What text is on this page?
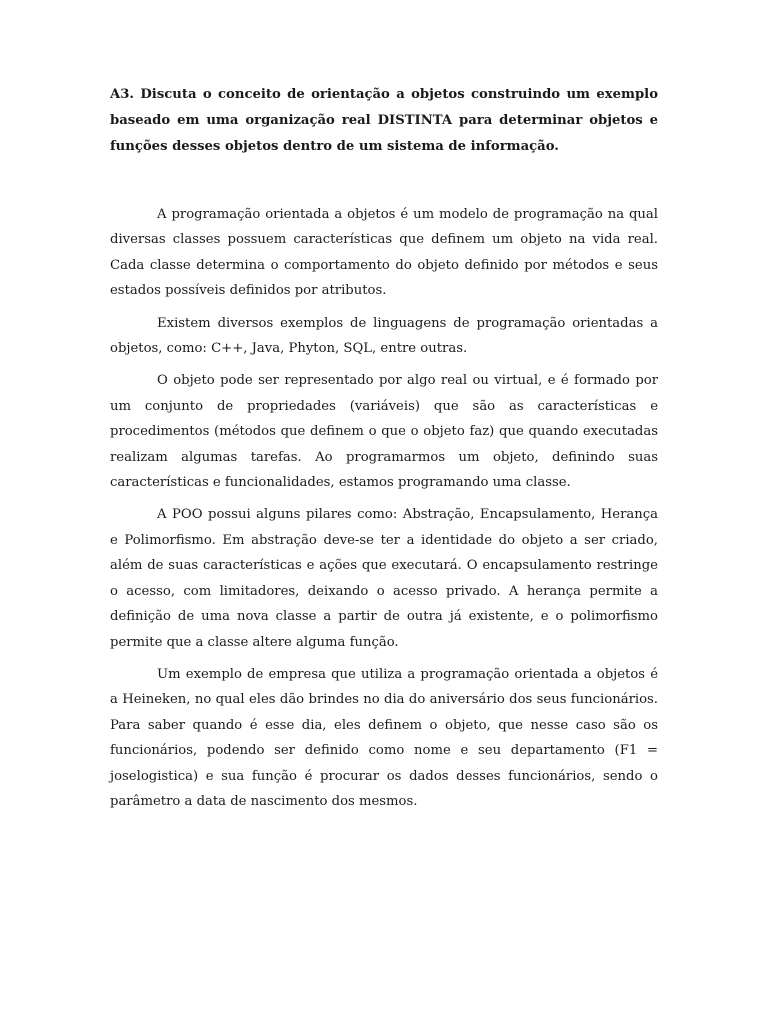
A3. Discuta o conceito de orientação a objetos construindo um exemplo baseado em uma organização real DISTINTA para determinar objetos e funções desses objetos dentro de um sistema de informação.

A programação orientada a objetos é um modelo de programação na qual diversas classes possuem características que definem um objeto na vida real. Cada classe determina o comportamento do objeto definido por métodos e seus estados possíveis definidos por atributos.

Existem diversos exemplos de linguagens de programação orientadas a objetos, como: C++, Java, Phyton, SQL, entre outras.

O objeto pode ser representado por algo real ou virtual, e é formado por um conjunto de propriedades (variáveis) que são as características e procedimentos (métodos que definem o que o objeto faz) que quando executadas realizam algumas tarefas. Ao programarmos um objeto, definindo suas características e funcionalidades, estamos programando uma classe.

A POO possui alguns pilares como: Abstração, Encapsulamento, Herança e Polimorfismo. Em abstração deve-se ter a identidade do objeto a ser criado, além de suas características e ações que executará. O encapsulamento restringe o acesso, com limitadores, deixando o acesso privado. A herança permite a definição de uma nova classe a partir de outra já existente, e o polimorfismo permite que a classe altere alguma função.

Um exemplo de empresa que utiliza a programação orientada a objetos é a Heineken, no qual eles dão brindes no dia do aniversário dos seus funcionários. Para saber quando é esse dia, eles definem o objeto, que nesse caso são os funcionários, podendo ser definido como nome e seu departamento (F1 = joselogistica) e sua função é procurar os dados desses funcionários, sendo o parâmetro a data de nascimento dos mesmos.
